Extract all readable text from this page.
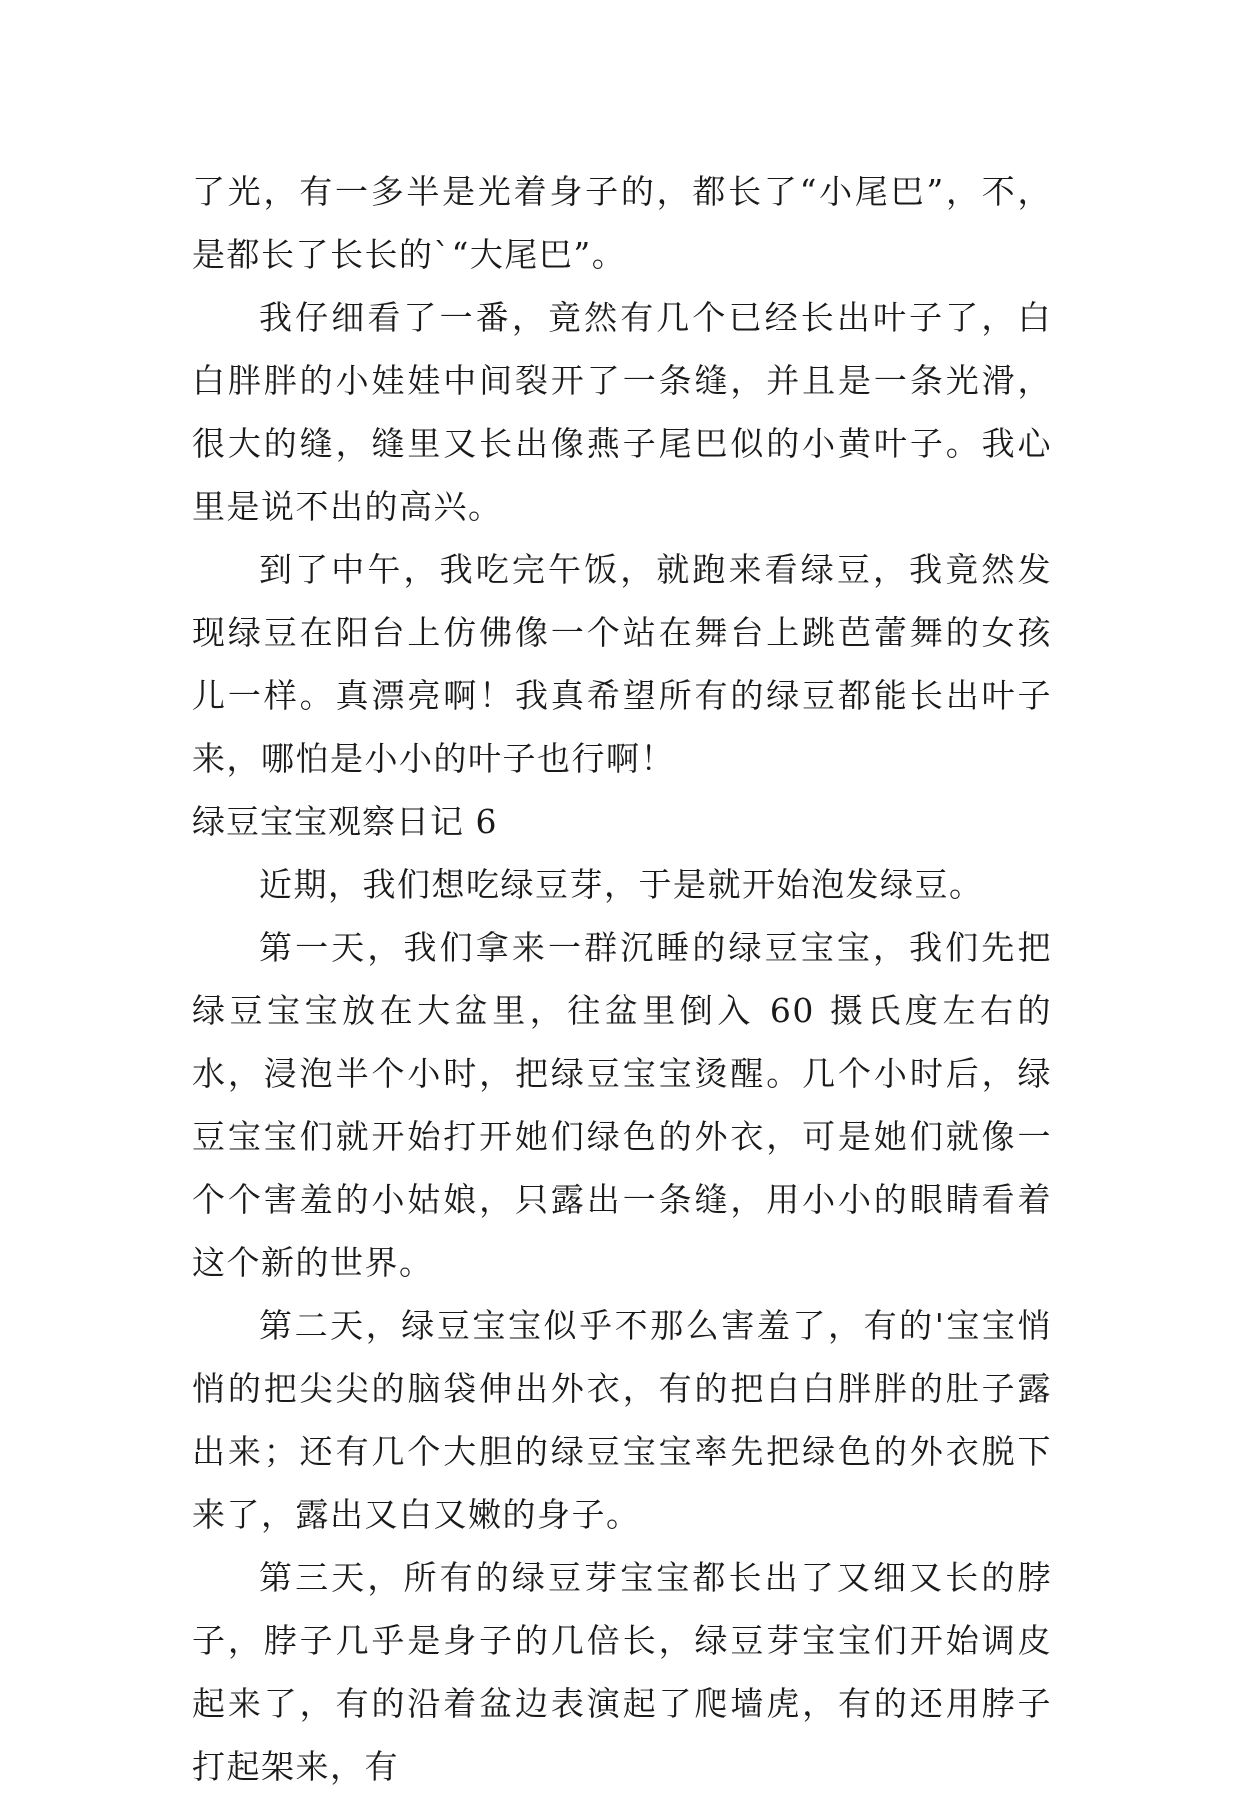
了光，有一多半是光着身子的，都长了“小尾巴”，不，是都长了长长的`“大尾巴”。

我仔细看了一番，竟然有几个已经长出叶子了，白白胖胖的小娃娃中间裂开了一条缝，并且是一条光滑，很大的缝，缝里又长出像燕子尾巴似的小黄叶子。我心里是说不出的高兴。

到了中午，我吃完午饭，就跑来看绿豆，我竟然发现绿豆在阳台上仿佛像一个站在舞台上跳芭蕾舞的女孩儿一样。真漂亮啊！我真希望所有的绿豆都能长出叶子来，哪怕是小小的叶子也行啊！

绿豆宝宝观察日记 6

近期，我们想吃绿豆芽，于是就开始泡发绿豆。

第一天，我们拿来一群沉睡的绿豆宝宝，我们先把绿豆宝宝放在大盆里，往盆里倒入 60 摄氏度左右的水，浸泡半个小时，把绿豆宝宝烫醒。几个小时后，绿豆宝宝们就开始打开她们绿色的外衣，可是她们就像一个个害羞的小姑娘，只露出一条缝，用小小的眼睛看着这个新的世界。

第二天，绿豆宝宝似乎不那么害羞了，有的'宝宝悄悄的把尖尖的脑袋伸出外衣，有的把白白胖胖的肚子露出来；还有几个大胆的绿豆宝宝率先把绿色的外衣脱下来了，露出又白又嫩的身子。

第三天，所有的绿豆芽宝宝都长出了又细又长的脖子，脖子几乎是身子的几倍长，绿豆芽宝宝们开始调皮起来了，有的沿着盆边表演起了爬墙虎，有的还用脖子打起架来，有
